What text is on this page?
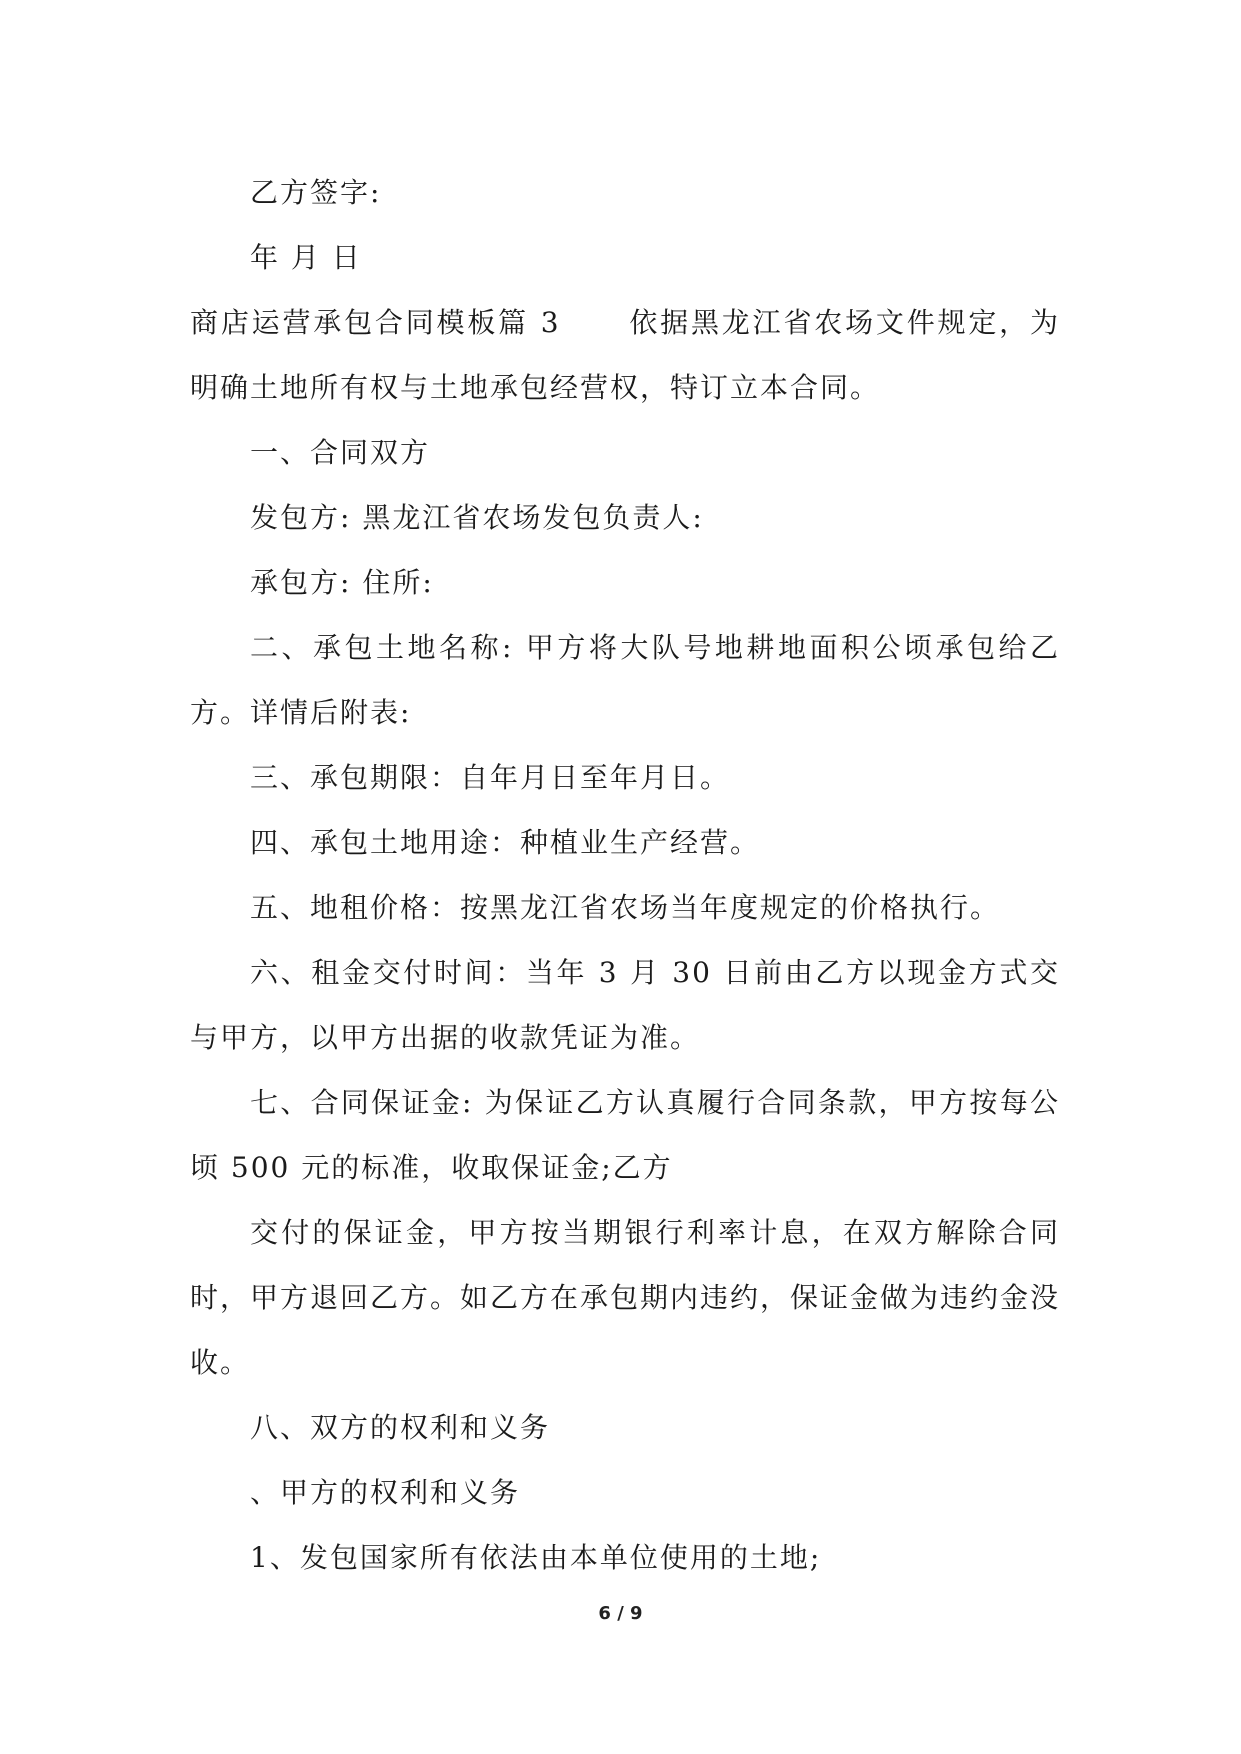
乙方签字:

年 月 日

商店运营承包合同模板篇 3 依据黑龙江省农场文件规定，为明确土地所有权与土地承包经营权，特订立本合同。

一、合同双方

发包方: 黑龙江省农场发包负责人:

承包方: 住所:

二、承包土地名称: 甲方将大队号地耕地面积公顷承包给乙方。详情后附表:

三、承包期限：自年月日至年月日。

四、承包土地用途：种植业生产经营。

五、地租价格：按黑龙江省农场当年度规定的价格执行。

六、租金交付时间：当年 3 月 30 日前由乙方以现金方式交与甲方，以甲方出据的收款凭证为准。

七、合同保证金: 为保证乙方认真履行合同条款，甲方按每公顷 500 元的标准，收取保证金;乙方

交付的保证金，甲方按当期银行利率计息，在双方解除合同时，甲方退回乙方。如乙方在承包期内违约，保证金做为违约金没收。

八、双方的权利和义务

、甲方的权利和义务

1、发包国家所有依法由本单位使用的土地;

6 / 9
